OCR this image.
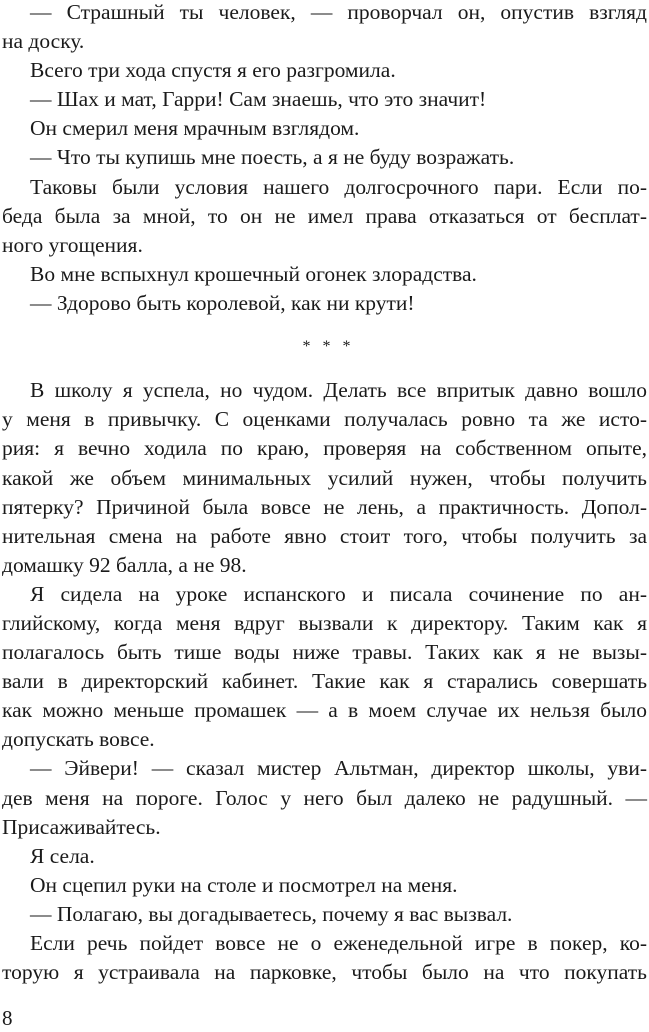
— Страшный ты человек, — проворчал он, опустив взгляд
на доску.
Всего три хода спустя я его разгромила.
— Шах и мат, Гарри! Сам знаешь, что это значит!
Он смерил меня мрачным взглядом.
— Что ты купишь мне поесть, а я не буду возражать.
Таковы были условия нашего долгосрочного пари. Если по-
беда была за мной, то он не имел права отказаться от бесплат-
ного угощения.
Во мне вспыхнул крошечный огонек злорадства.
— Здорово быть королевой, как ни крути!
* * *
В школу я успела, но чудом. Делать все впритык давно вошло
у меня в привычку. С оценками получалась ровно та же исто-
рия: я вечно ходила по краю, проверяя на собственном опыте,
какой же объем минимальных усилий нужен, чтобы получить
пятерку? Причиной была вовсе не лень, а практичность. Допол-
нительная смена на работе явно стоит того, чтобы получить за
домашку 92 балла, а не 98.
Я сидела на уроке испанского и писала сочинение по ан-
глийскому, когда меня вдруг вызвали к директору. Таким как я
полагалось быть тише воды ниже травы. Таких как я не вызы-
вали в директорский кабинет. Такие как я старались совершать
как можно меньше промашек — а в моем случае их нельзя было
допускать вовсе.
— Эйвери! — сказал мистер Альтман, директор школы, уви-
дев меня на пороге. Голос у него был далеко не радушный. —
Присаживайтесь.
Я села.
Он сцепил руки на столе и посмотрел на меня.
— Полагаю, вы догадываетесь, почему я вас вызвал.
Если речь пойдет вовсе не о еженедельной игре в покер, ко-
торую я устраивала на парковке, чтобы было на что покупать
8
